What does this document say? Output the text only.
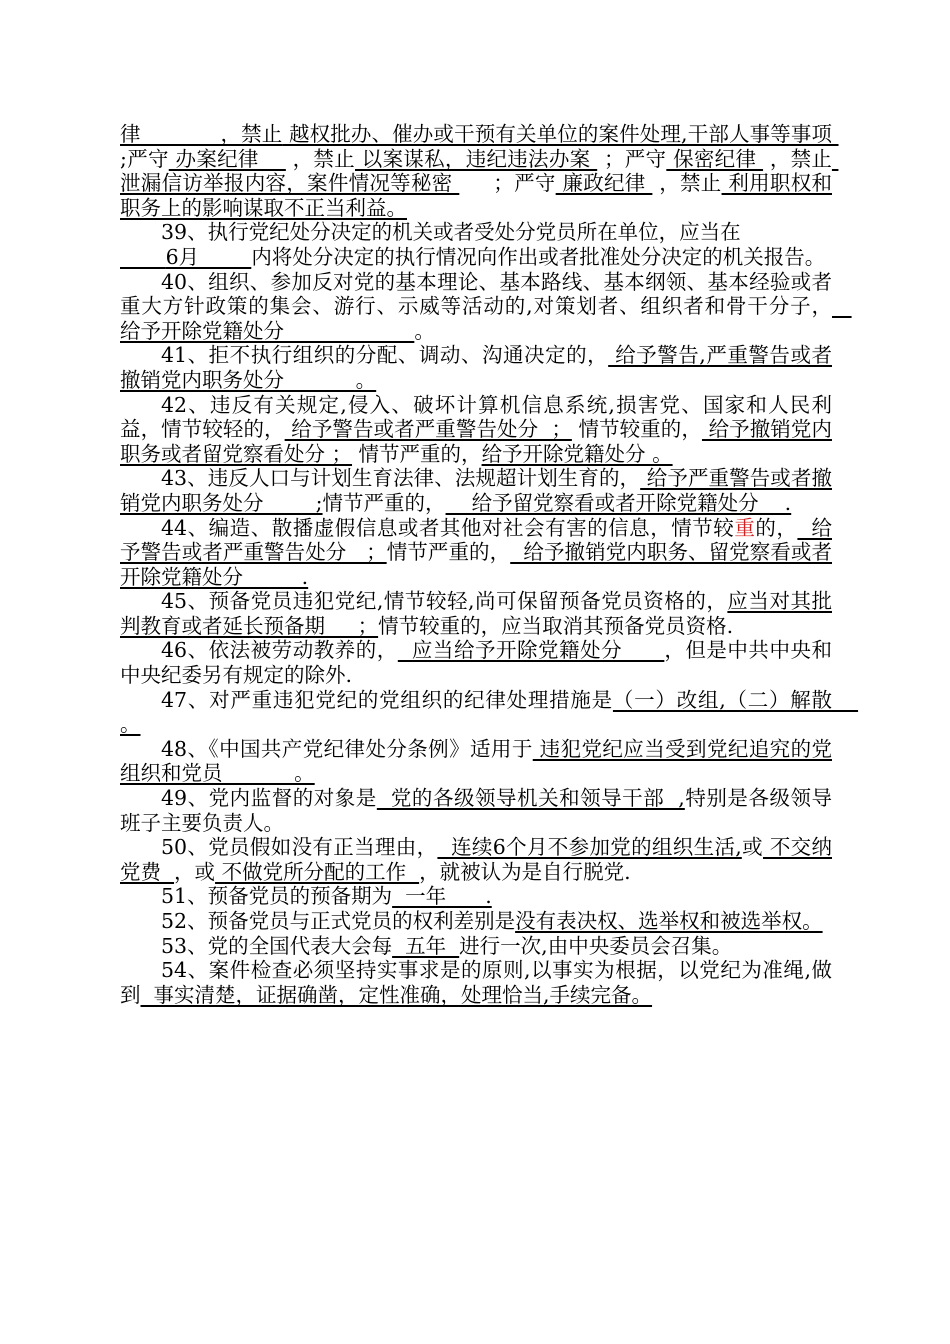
律            ，禁止 越权批办、催办或干预有关单位的案件处理,干部人事等事项       ;严守 办案纪律     ，禁止 以案谋私，违纪违法办案  ；严守 保密纪律  ，禁止 泄漏信访举报内容，案件情况等秘密      ；严守 廉政纪律  ，禁止 利用职权和职务上的影响谋取不正当利益。

39、执行党纪处分决定的机关或者受处分党员所在单位，应当在

6月        内将处分决定的执行情况向作出或者批准处分决定的机关报告。

40、组织、参加反对党的基本理论、基本路线、基本纲领、基本经验或者重大方针政策的集会、游行、示威等活动的,对策划者、组织者和骨干分子，   给予开除党籍处分                    。

41、拒不执行组织的分配、调动、沟通决定的， 给予警告,严重警告或者撤销党内职务处分           。

42、违反有关规定,侵入、破坏计算机信息系统,损害党、国家和人民利益，情节较轻的， 给予警告或者严重警告处分  ； 情节较重的， 给予撤销党内职务或者留党察看处分 ； 情节严重的，给予开除党籍处分 。

43、违反人口与计划生育法律、法规超计划生育的， 给予严重警告或者撤销党内职务处分        ;情节严重的，    给予留党察看或者开除党籍处分    .

44、编造、散播虚假信息或者其他对社会有害的信息，情节较重的，  给予警告或者严重警告处分   ；情节严重的，  给予撤销党内职务、留党察看或者开除党籍处分         .

45、预备党员违犯党纪,情节较轻,尚可保留预备党员资格的，应当对其批判教育或者延长预备期     ；情节较重的，应当取消其预备党员资格.

46、依法被劳动教养的，  应当给予开除党籍处分      ，但是中共中央和中央纪委另有规定的除外.

47、对严重违犯党纪的党组织的纪律处理措施是（一）改组,（二）解散    。

48、《中国共产党纪律处分条例》适用于 违犯党纪应当受到党纪追究的党组织和党员           。

49、党内监督的对象是  党的各级领导机关和领导干部  ,特别是各级领导班子主要负责人。

50、党员假如没有正当理由，  连续6个月不参加党的组织生活,或 不交纳党费  ，或 不做党所分配的工作  ，就被认为是自行脱党.

51、预备党员的预备期为  一年      .

52、预备党员与正式党员的权利差别是没有表决权、选举权和被选举权。

53、党的全国代表大会每  五年  进行一次,由中央委员会召集。

54、案件检查必须坚持实事求是的原则,以事实为根据，以党纪为准绳,做到  事实清楚，证据确凿，定性准确，处理恰当,手续完备。
